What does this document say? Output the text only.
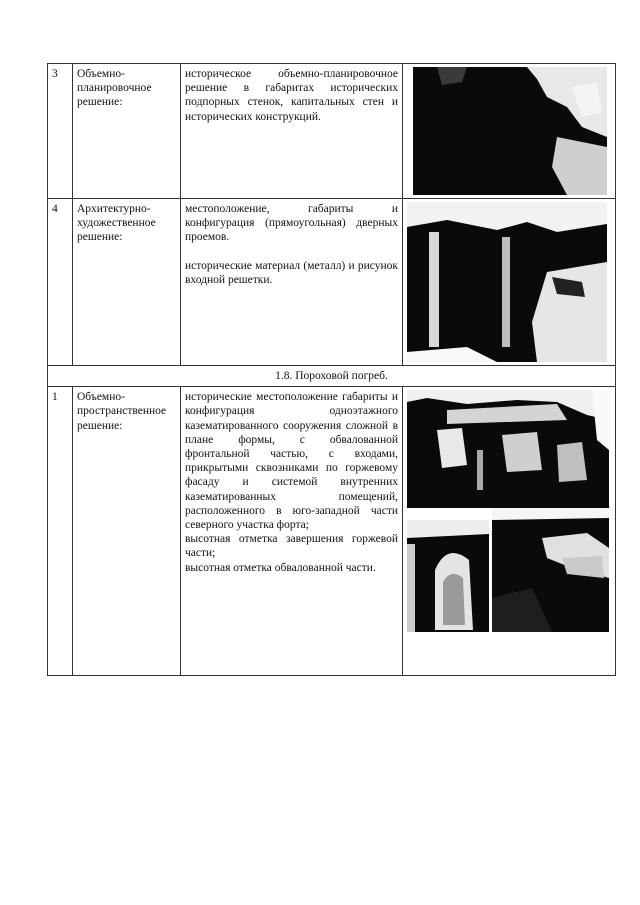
3	Объемно-планировочное решение:	историческое объемно-планировочное решение в габаритах исторических подпорных стенок, капитальных стен и исторических конструкций.

4	Архитектурно-художественное решение:	местоположение, габариты и конфигурация (прямоугольная) дверных проемов.

исторические материал (металл) и рисунок входной решетки.

1.8. Пороховой погреб.			
1	Объемно-пространственное решение:	исторические местоположение габариты и конфигурация одноэтажного казематированного сооружения сложной в плане формы, с обвалованной фронтальной частью, с входами, прикрытыми сквозниками по горжевому фасаду и системой внутренних казематированных помещений, расположенного в юго-западной части северного участка форта;

высотная отметка завершения горжевой части;

высотная отметка обвалованной части.
